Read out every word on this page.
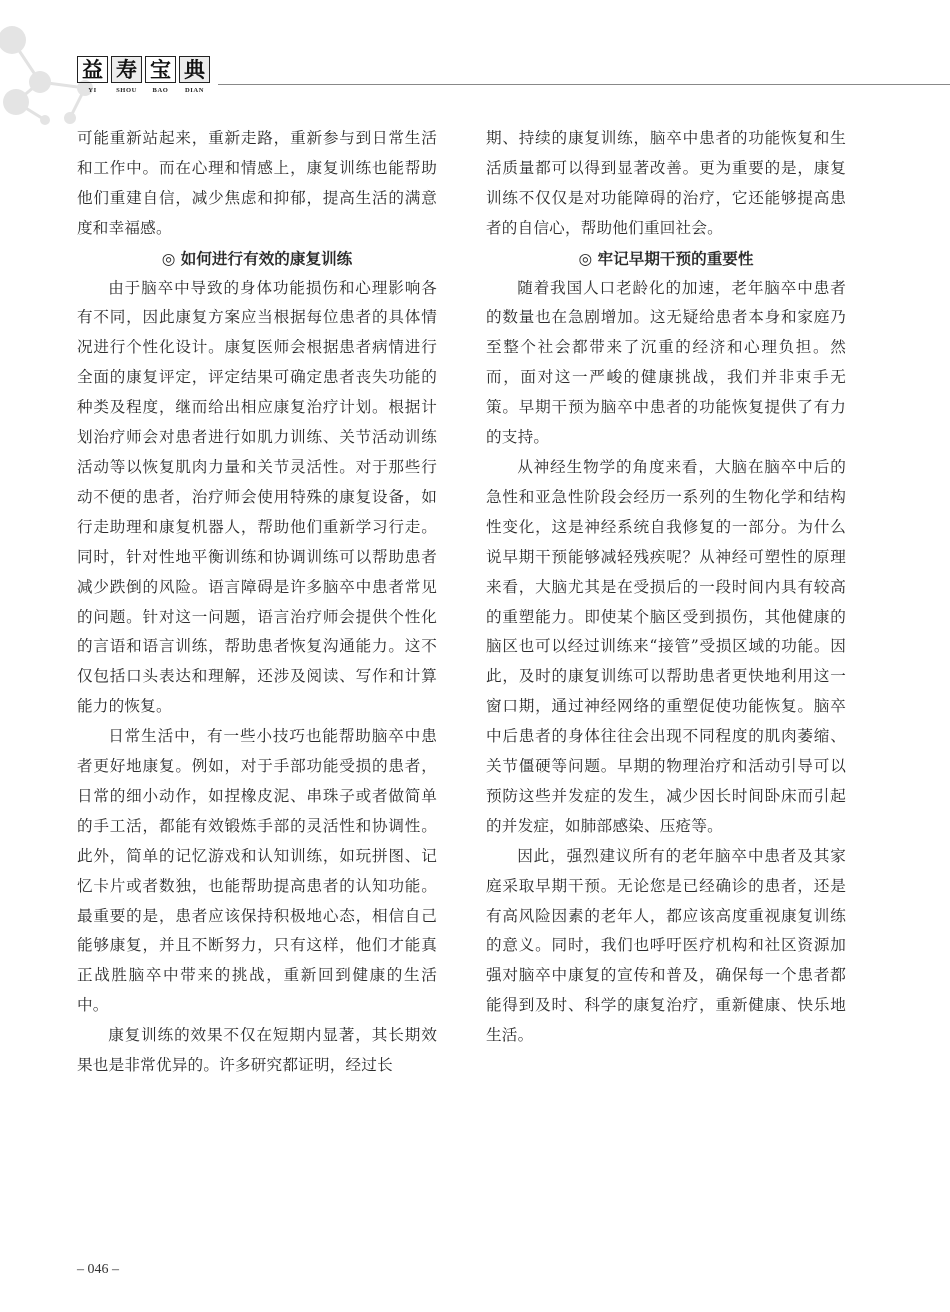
益 寿 宝 典
YI	SHOU	BAO	DIAN

可能重新站起来，重新走路，重新参与到日常生活和工作中。而在心理和情感上，康复训练也能帮助他们重建自信，减少焦虑和抑郁，提高生活的满意度和幸福感。

◎ 如何进行有效的康复训练

由于脑卒中导致的身体功能损伤和心理影响各有不同，因此康复方案应当根据每位患者的具体情况进行个性化设计。康复医师会根据患者病情进行全面的康复评定，评定结果可确定患者丧失功能的种类及程度，继而给出相应康复治疗计划。根据计划治疗师会对患者进行如肌力训练、关节活动训练活动等以恢复肌肉力量和关节灵活性。对于那些行动不便的患者，治疗师会使用特殊的康复设备，如行走助理和康复机器人，帮助他们重新学习行走。同时，针对性地平衡训练和协调训练可以帮助患者减少跌倒的风险。语言障碍是许多脑卒中患者常见的问题。针对这一问题，语言治疗师会提供个性化的言语和语言训练，帮助患者恢复沟通能力。这不仅包括口头表达和理解，还涉及阅读、写作和计算能力的恢复。

日常生活中，有一些小技巧也能帮助脑卒中患者更好地康复。例如，对于手部功能受损的患者，日常的细小动作，如捏橡皮泥、串珠子或者做简单的手工活，都能有效锻炼手部的灵活性和协调性。此外，简单的记忆游戏和认知训练，如玩拼图、记忆卡片或者数独，也能帮助提高患者的认知功能。最重要的是，患者应该保持积极地心态，相信自己能够康复，并且不断努力，只有这样，他们才能真正战胜脑卒中带来的挑战，重新回到健康的生活中。

康复训练的效果不仅在短期内显著，其长期效果也是非常优异的。许多研究都证明，经过长

期、持续的康复训练，脑卒中患者的功能恢复和生活质量都可以得到显著改善。更为重要的是，康复训练不仅仅是对功能障碍的治疗，它还能够提高患者的自信心，帮助他们重回社会。

◎ 牢记早期干预的重要性

随着我国人口老龄化的加速，老年脑卒中患者的数量也在急剧增加。这无疑给患者本身和家庭乃至整个社会都带来了沉重的经济和心理负担。然而，面对这一严峻的健康挑战，我们并非束手无策。早期干预为脑卒中患者的功能恢复提供了有力的支持。

从神经生物学的角度来看，大脑在脑卒中后的急性和亚急性阶段会经历一系列的生物化学和结构性变化，这是神经系统自我修复的一部分。为什么说早期干预能够减轻残疾呢？从神经可塑性的原理来看，大脑尤其是在受损后的一段时间内具有较高的重塑能力。即使某个脑区受到损伤，其他健康的脑区也可以经过训练来“接管”受损区域的功能。因此，及时的康复训练可以帮助患者更快地利用这一窗口期，通过神经网络的重塑促使功能恢复。脑卒中后患者的身体往往会出现不同程度的肌肉萎缩、关节僵硬等问题。早期的物理治疗和活动引导可以预防这些并发症的发生，减少因长时间卧床而引起的并发症，如肺部感染、压疮等。

因此，强烈建议所有的老年脑卒中患者及其家庭采取早期干预。无论您是已经确诊的患者，还是有高风险因素的老年人，都应该高度重视康复训练的意义。同时，我们也呼吁医疗机构和社区资源加强对脑卒中康复的宣传和普及，确保每一个患者都能得到及时、科学的康复治疗，重新健康、快乐地生活。

– 046 –
